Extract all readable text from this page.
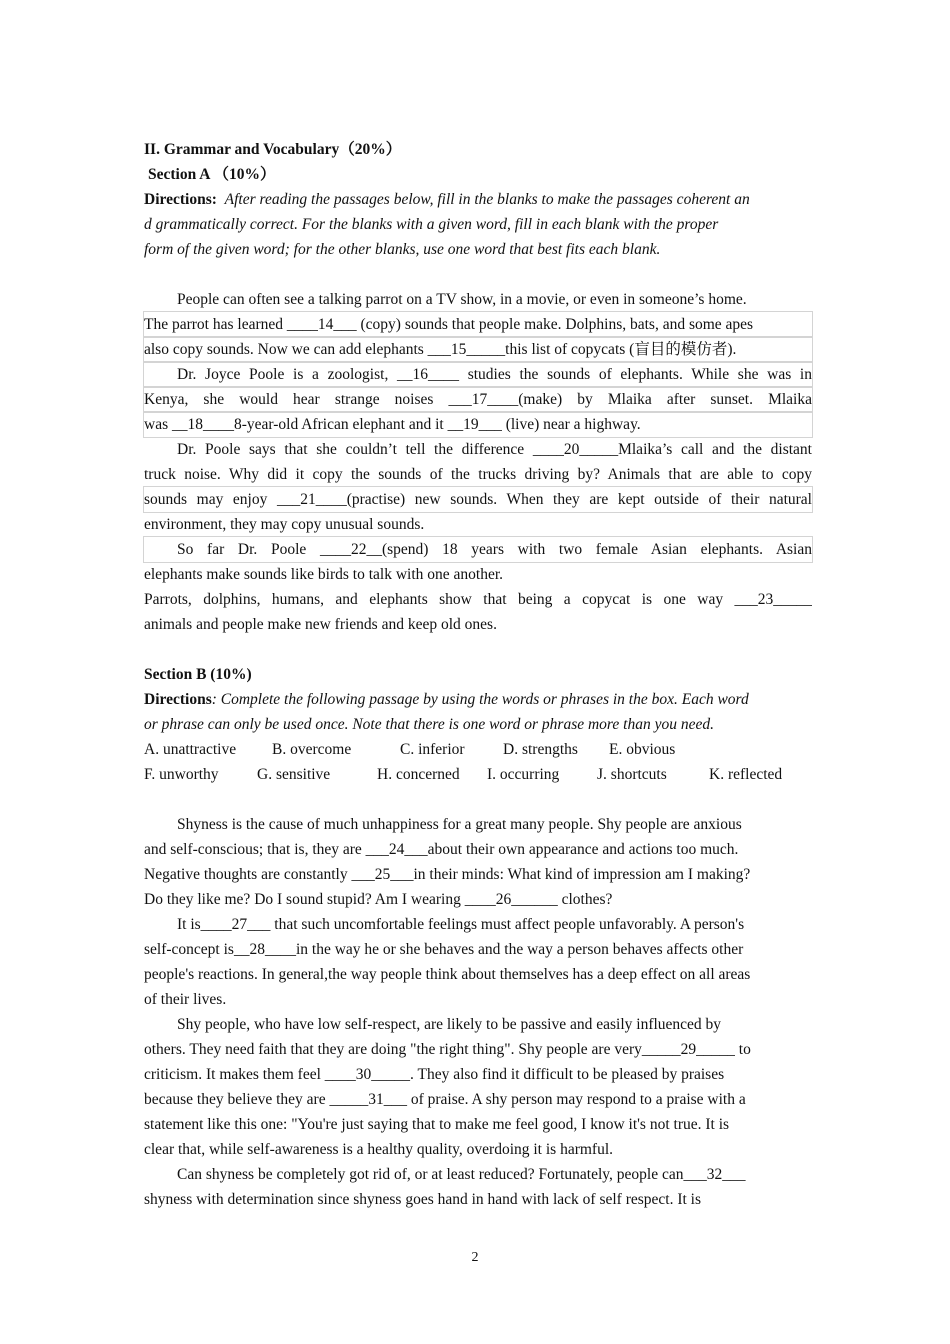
II. Grammar and Vocabulary（20%）
Section A （10%）
Directions: After reading the passages below, fill in the blanks to make the passages coherent an
d grammatically correct. For the blanks with a given word, fill in each blank with the proper
form of the given word; for the other blanks, use one word that best fits each blank.
People can often see a talking parrot on a TV show, in a movie, or even in someone’s home.
The parrot has learned ____14___ (copy) sounds that people make. Dolphins, bats, and some apes
also copy sounds. Now we can add elephants ___15_____this list of copycats (盲目的模仿者).
Dr. Joyce Poole is a zoologist, __16____ studies the sounds of elephants. While she was in
Kenya, she would hear strange noises ___17____(make) by Mlaika after sunset. Mlaika
was __18____8-year-old African elephant and it __19___ (live) near a highway.
Dr. Poole says that she couldn’t tell the difference ____20_____Mlaika’s call and the distant
truck noise. Why did it copy the sounds of the trucks driving by? Animals that are able to copy
sounds may enjoy ___21____(practise) new sounds. When they are kept outside of their natural
environment, they may copy unusual sounds.
So far Dr. Poole ____22__(spend) 18 years with two female Asian elephants. Asian
elephants make sounds like birds to talk with one another.
Parrots, dolphins, humans, and elephants show that being a copycat is one way ___23_____
animals and people make new friends and keep old ones.
Section B (10%)
Directions: Complete the following passage by using the words or phrases in the box. Each word
or phrase can only be used once. Note that there is one word or phrase more than you need.
A. unattractive	B. overcome	C. inferior	D. strengths	E. obvious
F. unworthy	G. sensitive	H. concerned	I. occurring	J. shortcuts	K. reflected
Shyness is the cause of much unhappiness for a great many people. Shy people are anxious
and self-conscious; that is, they are ___24___about their own appearance and actions too much.
Negative thoughts are constantly ___25___in their minds: What kind of impression am I making?
Do they like me? Do I sound stupid? Am I wearing ____26______ clothes?
It is____27___ that such uncomfortable feelings must affect people unfavorably. A person's
self-concept is__28____in the way he or she behaves and the way a person behaves affects other
people's reactions. In general,the way people think about themselves has a deep effect on all areas
of their lives.
Shy people, who have low self-respect, are likely to be passive and easily influenced by
others. They need faith that they are doing "the right thing". Shy people are very_____29_____ to
criticism. It makes them feel ____30_____. They also find it difficult to be pleased by praises
because they believe they are _____31___ of praise. A shy person may respond to a praise with a
statement like this one: "You're just saying that to make me feel good, I know it's not true. It is
clear that, while self-awareness is a healthy quality, overdoing it is harmful.
Can shyness be completely got rid of, or at least reduced? Fortunately, people can___32___
shyness with determination since shyness goes hand in hand with lack of self respect. It is
2
